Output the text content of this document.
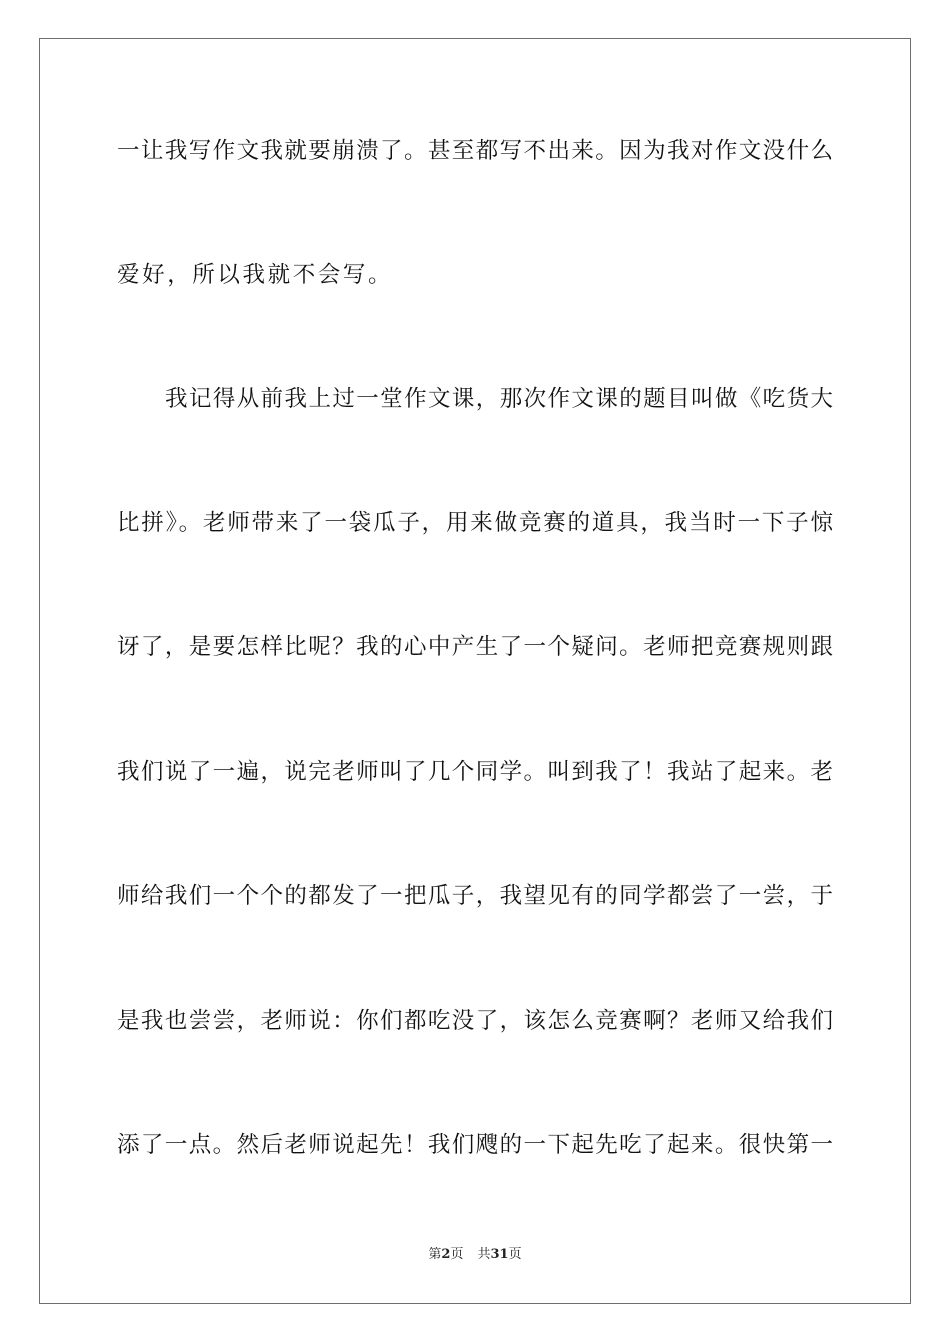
一让我写作文我就要崩溃了。甚至都写不出来。因为我对作文没什么
爱好，所以我就不会写。
我记得从前我上过一堂作文课，那次作文课的题目叫做《吃货大
比拼》。老师带来了一袋瓜子，用来做竞赛的道具，我当时一下子惊
讶了，是要怎样比呢？我的心中产生了一个疑问。老师把竞赛规则跟
我们说了一遍，说完老师叫了几个同学。叫到我了！我站了起来。老
师给我们一个个的都发了一把瓜子，我望见有的同学都尝了一尝，于
是我也尝尝，老师说：你们都吃没了，该怎么竞赛啊？老师又给我们
添了一点。然后老师说起先！我们飕的一下起先吃了起来。很快第一
第2页 共31页
